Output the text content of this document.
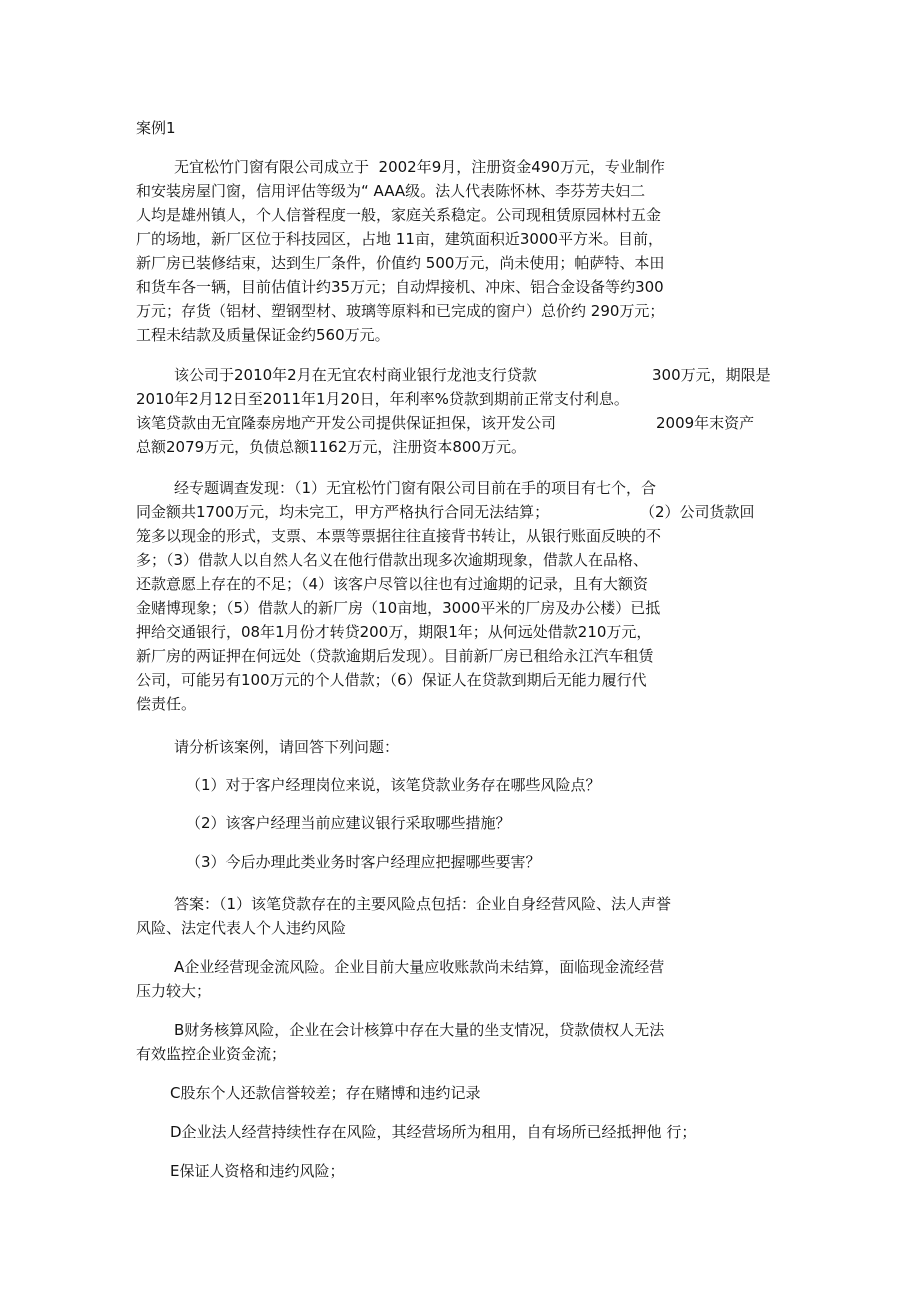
案例1
无宜松竹门窗有限公司成立于  2002年9月，注册资金490万元，专业制作
和安装房屋门窗，信用评估等级为“ AAA级。法人代表陈怀林、李芬芳夫妇二
人均是雄州镇人，个人信誉程度一般，家庭关系稳定。公司现租赁原园林村五金
厂的场地，新厂区位于科技园区，占地 11亩，建筑面积近3000平方米。目前，
新厂房已装修结束，达到生厂条件，价值约 500万元，尚未使用；帕萨特、本田
和货车各一辆，目前估值计约35万元；自动焊接机、冲床、铝合金设备等约300
万元；存货（铝材、塑钢型材、玻璃等原料和已完成的窗户）总价约 290万元；
工程未结款及质量保证金约560万元。
该公司于2010年2月在无宜农村商业银行龙池支行贷款	300万元，期限是
2010年2月12日至2011年1月20日，年利率%贷款到期前正常支付利息。
该笔贷款由无宜隆泰房地产开发公司提供保证担保，该开发公司	2009年末资产
总额2079万元，负债总额1162万元，注册资本800万元。
经专题调查发现：（1）无宜松竹门窗有限公司目前在手的项目有七个，合
同金额共1700万元，均未完工，甲方严格执行合同无法结算；	（2）公司货款回
笼多以现金的形式，支票、本票等票据往往直接背书转让，从银行账面反映的不
多；（3）借款人以自然人名义在他行借款出现多次逾期现象，借款人在品格、
还款意愿上存在的不足；（4）该客户尽管以往也有过逾期的记录，且有大额资
金赌博现象；（5）借款人的新厂房（10亩地，3000平米的厂房及办公楼）已抵
押给交通银行，08年1月份才转贷200万，期限1年；从何远处借款210万元，
新厂房的两证押在何远处（贷款逾期后发现）。目前新厂房已租给永江汽车租赁
公司，可能另有100万元的个人借款；（6）保证人在贷款到期后无能力履行代
偿责任。
请分析该案例，请回答下列问题：
（1）对于客户经理岗位来说，该笔贷款业务存在哪些风险点？
（2）该客户经理当前应建议银行采取哪些措施？
（3）今后办理此类业务时客户经理应把握哪些要害？
答案：（1）该笔贷款存在的主要风险点包括：企业自身经营风险、法人声誉
风险、法定代表人个人违约风险
A企业经营现金流风险。企业目前大量应收账款尚未结算，面临现金流经营
压力较大；
B财务核算风险，企业在会计核算中存在大量的坐支情况，贷款债权人无法
有效监控企业资金流；
C股东个人还款信誉较差；存在赌博和违约记录
D企业法人经营持续性存在风险，其经营场所为租用，自有场所已经抵押他 行；
E保证人资格和违约风险；
